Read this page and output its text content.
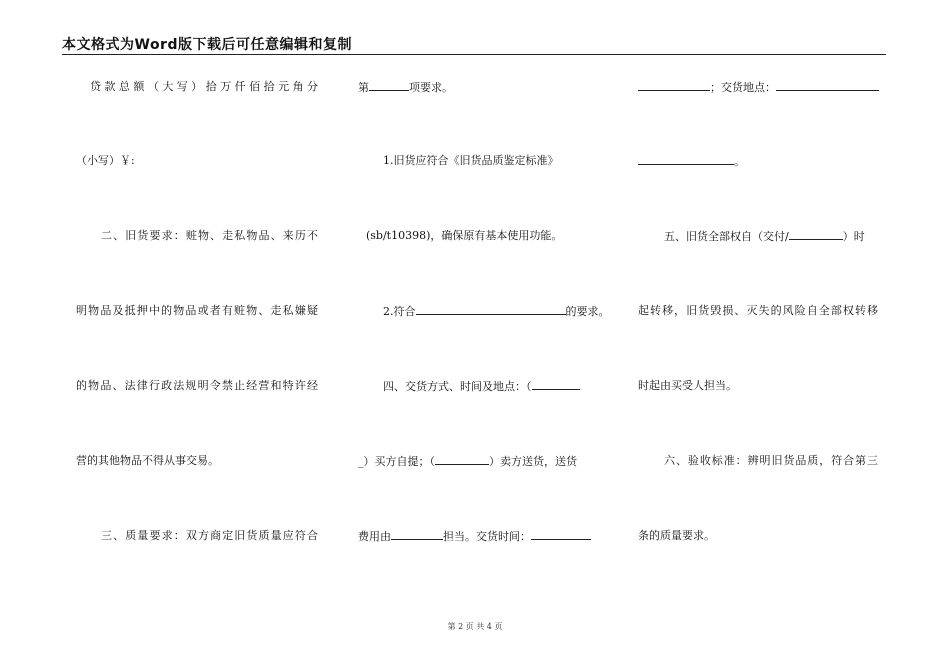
本文格式为Word版下载后可任意编辑和复制
贷款总额（大写）拾万仟佰拾元角分
（小写）￥:
二、旧货要求：赃物、走私物品、来历不
明物品及抵押中的物品或者有赃物、走私嫌疑
的物品、法律行政法规明令禁止经营和特许经
营的其他物品不得从事交易。
三、质量要求：双方商定旧货质量应符合
第	项要求。
1.旧货应符合《旧货品质鉴定标准》
(sb/t10398)，确保原有基本使用功能。
2.符合	的要求。
四、交货方式、时间及地点：（
_）买方自提；（	）卖方送货，送货
费用由	担当。交货时间：
；交货地点：
。
五、旧货全部权自（交付/	）时
起转移，旧货毁损、灭失的风险自全部权转移
时起由买受人担当。
六、验收标准：辨明旧货品质，符合第三
条的质量要求。
第 2 页 共 4 页
